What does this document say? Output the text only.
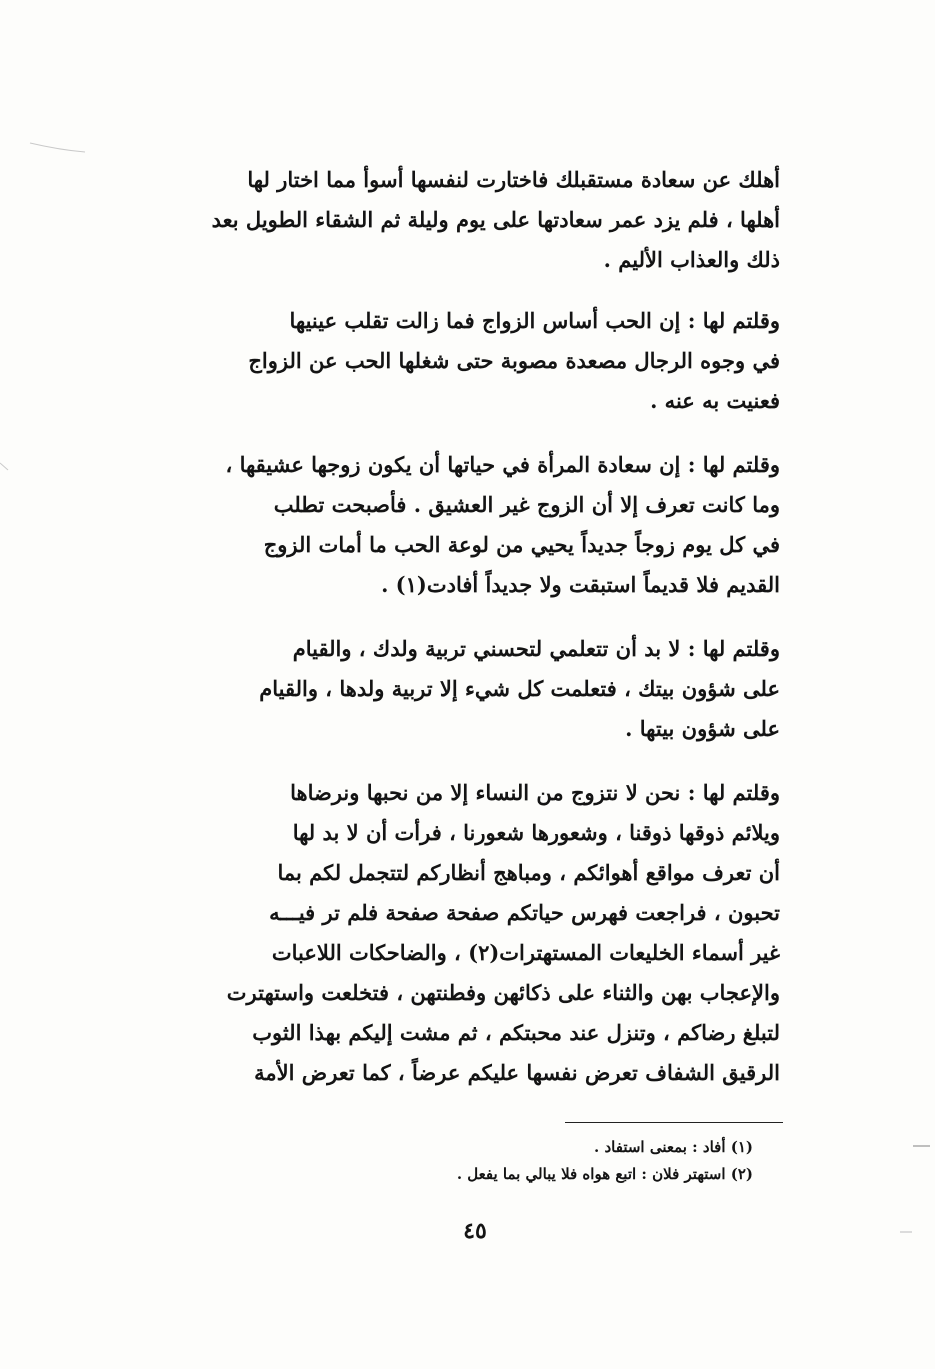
أهلك عن سعادة مستقبلك فاختارت لنفسها أسوأ مما اختار لها
أهلها ، فلم يزد عمر سعادتها على يوم وليلة ثم الشقاء الطويل بعد
ذلك والعذاب الأليم .

وقلتم لها : إن الحب أساس الزواج فما زالت تقلب عينيها
في وجوه الرجال مصعدة مصوبة حتى شغلها الحب عن الزواج
فعنيت به عنه .

وقلتم لها : إن سعادة المرأة في حياتها أن يكون زوجها عشيقها ،
وما كانت تعرف إلا أن الزوج غير العشيق . فأصبحت تطلب
في كل يوم زوجاً جديداً يحيي من لوعة الحب ما أمات الزوج
القديم فلا قديماً استبقت ولا جديداً أفادت(١) .

وقلتم لها : لا بد أن تتعلمي لتحسني تربية ولدك ، والقيام
على شؤون بيتك ، فتعلمت كل شيء إلا تربية ولدها ، والقيام
على شؤون بيتها .

وقلتم لها : نحن لا نتزوج من النساء إلا من نحبها ونرضاها
ويلائم ذوقها ذوقنا ، وشعورها شعورنا ، فرأت أن لا بد لها
أن تعرف مواقع أهوائكم ، ومباهج أنظاركم لتتجمل لكم بما
تحبون ، فراجعت فهرس حياتكم صفحة صفحة فلم تر فيـــه
غير أسماء الخليعات المستهترات(٢) ، والضاحكات اللاعبات
والإعجاب بهن والثناء على ذكائهن وفطنتهن ، فتخلعت واستهترت
لتبلغ رضاكم ، وتنزل عند محبتكم ، ثم مشت إليكم بهذا الثوب
الرقيق الشفاف تعرض نفسها عليكم عرضاً ، كما تعرض الأمة

(١) أفاد : بمعنى استفاد .
(٢) استهتر فلان : اتبع هواه فلا يبالي بما يفعل .
٤٥
